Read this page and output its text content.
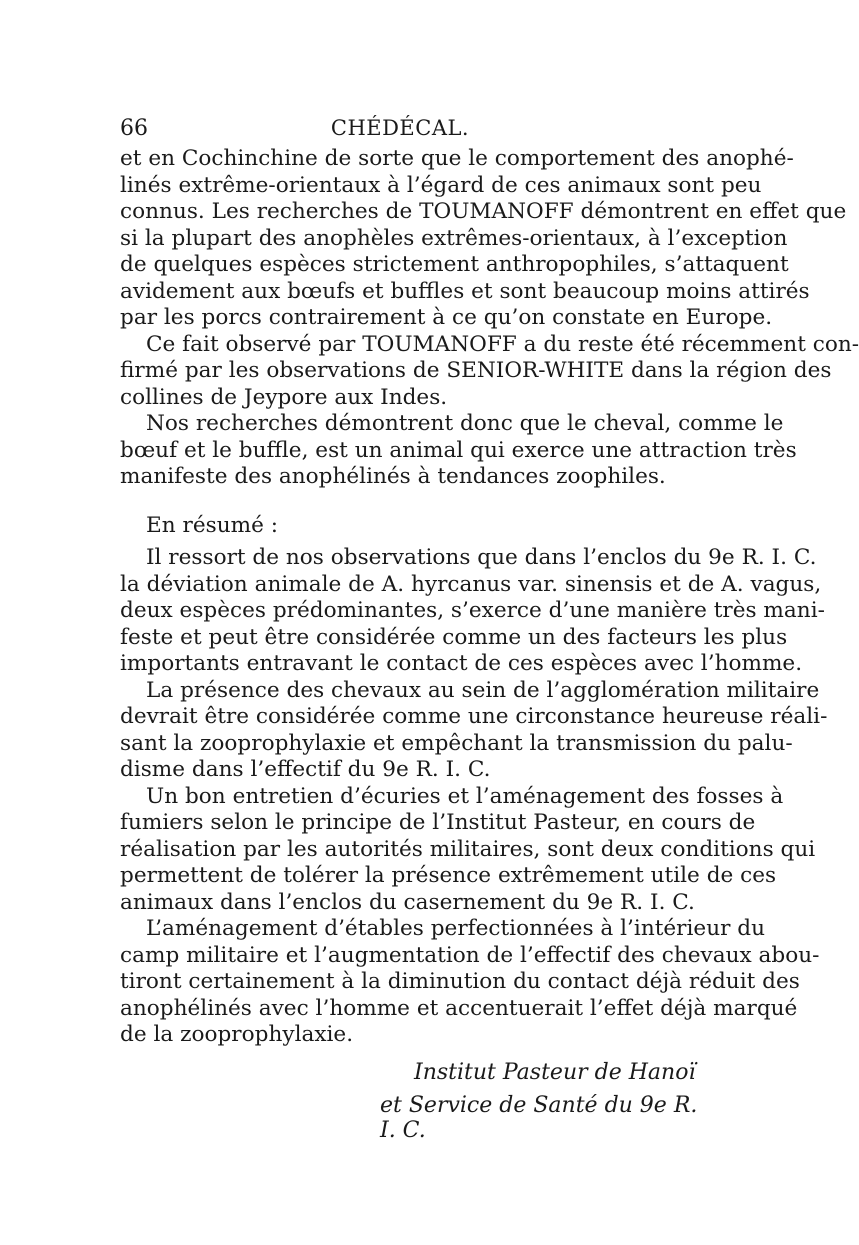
66	CHÉDÉCAL.
et en Cochinchine de sorte que le comportement des anophé-
linés extrême-orientaux à l’égard de ces animaux sont peu
connus. Les recherches de TOUMANOFF démontrent en effet que
si la plupart des anophèles extrêmes-orientaux, à l’exception
de quelques espèces strictement anthropophiles, s’attaquent
avidement aux bœufs et buffles et sont beaucoup moins attirés
par les porcs contrairement à ce qu’on constate en Europe.
Ce fait observé par TOUMANOFF a du reste été récemment con-
firmé par les observations de SENIOR-WHITE dans la région des
collines de Jeypore aux Indes.
Nos recherches démontrent donc que le cheval, comme le
bœuf et le buffle, est un animal qui exerce une attraction très
manifeste des anophélinés à tendances zoophiles.
En résumé :
Il ressort de nos observations que dans l’enclos du 9e R. I. C.
la déviation animale de A. hyrcanus var. sinensis et de A. vagus,
deux espèces prédominantes, s’exerce d’une manière très mani-
feste et peut être considérée comme un des facteurs les plus
importants entravant le contact de ces espèces avec l’homme.
La présence des chevaux au sein de l’agglomération militaire
devrait être considérée comme une circonstance heureuse réali-
sant la zooprophylaxie et empêchant la transmission du palu-
disme dans l’effectif du 9e R. I. C.
Un bon entretien d’écuries et l’aménagement des fosses à
fumiers selon le principe de l’Institut Pasteur, en cours de
réalisation par les autorités militaires, sont deux conditions qui
permettent de tolérer la présence extrêmement utile de ces
animaux dans l’enclos du casernement du 9e R. I. C.
L’aménagement d’étables perfectionnées à l’intérieur du
camp militaire et l’augmentation de l’effectif des chevaux abou-
tiront certainement à la diminution du contact déjà réduit des
anophélinés avec l’homme et accentuerait l’effet déjà marqué
de la zooprophylaxie.
Institut Pasteur de Hanoï
et Service de Santé du 9e R. I. C.
